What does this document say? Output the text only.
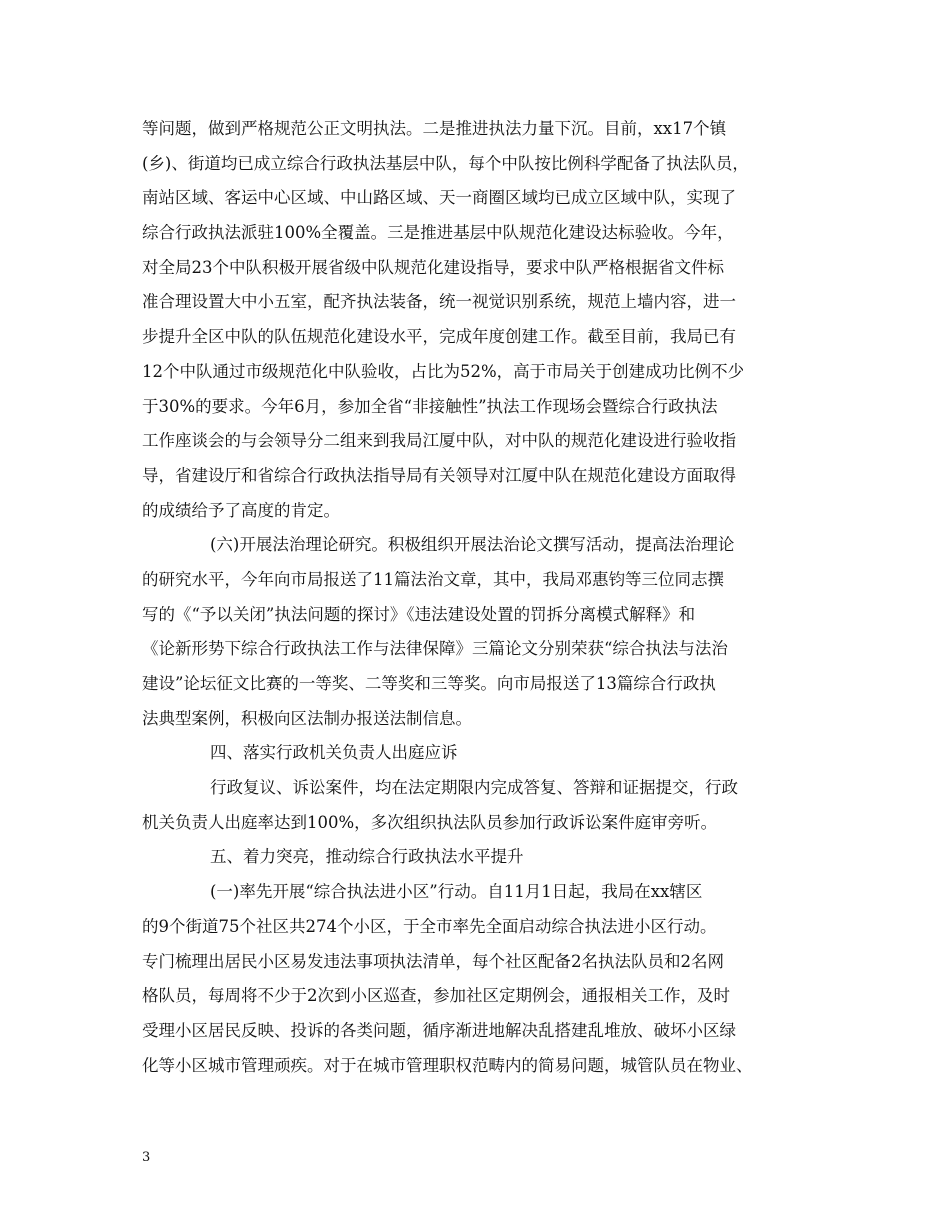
等问题，做到严格规范公正文明执法。二是推进执法力量下沉。目前，xx17个镇
(乡)、街道均已成立综合行政执法基层中队，每个中队按比例科学配备了执法队员，
南站区域、客运中心区域、中山路区域、天一商圈区域均已成立区域中队，实现了
综合行政执法派驻100%全覆盖。三是推进基层中队规范化建设达标验收。今年，
对全局23个中队积极开展省级中队规范化建设指导，要求中队严格根据省文件标
准合理设置大中小五室，配齐执法装备，统一视觉识别系统，规范上墙内容，进一
步提升全区中队的队伍规范化建设水平，完成年度创建工作。截至目前，我局已有
12个中队通过市级规范化中队验收，占比为52%，高于市局关于创建成功比例不少
于30%的要求。今年6月，参加全省“非接触性”执法工作现场会暨综合行政执法
工作座谈会的与会领导分二组来到我局江厦中队，对中队的规范化建设进行验收指
导，省建设厅和省综合行政执法指导局有关领导对江厦中队在规范化建设方面取得
的成绩给予了高度的肯定。
(六)开展法治理论研究。积极组织开展法治论文撰写活动，提高法治理论
的研究水平，今年向市局报送了11篇法治文章，其中，我局邓惠钧等三位同志撰
写的《“予以关闭”执法问题的探讨》《违法建设处置的罚拆分离模式解释》和
《论新形势下综合行政执法工作与法律保障》三篇论文分别荣获“综合执法与法治
建设”论坛征文比赛的一等奖、二等奖和三等奖。向市局报送了13篇综合行政执
法典型案例，积极向区法制办报送法制信息。
四、落实行政机关负责人出庭应诉
行政复议、诉讼案件，均在法定期限内完成答复、答辩和证据提交，行政
机关负责人出庭率达到100%，多次组织执法队员参加行政诉讼案件庭审旁听。
五、着力突亮，推动综合行政执法水平提升
(一)率先开展“综合执法进小区”行动。自11月1日起，我局在xx辖区
的9个街道75个社区共274个小区，于全市率先全面启动综合执法进小区行动。
专门梳理出居民小区易发违法事项执法清单，每个社区配备2名执法队员和2名网
格队员，每周将不少于2次到小区巡查，参加社区定期例会，通报相关工作，及时
受理小区居民反映、投诉的各类问题，循序渐进地解决乱搭建乱堆放、破坏小区绿
化等小区城市管理顽疾。对于在城市管理职权范畴内的简易问题，城管队员在物业、
3
